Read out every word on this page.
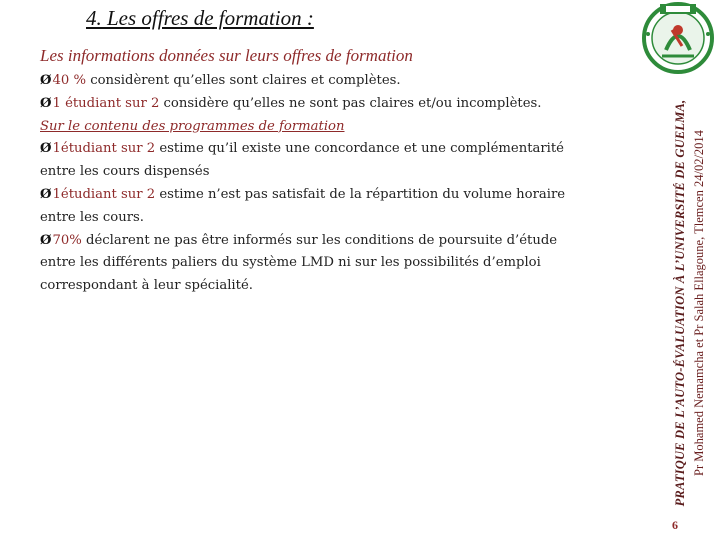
4. Les offres de formation :
Les informations données sur leurs offres de formation
Ø40 % considèrent qu’elles sont claires et complètes.
Ø1 étudiant sur 2 considère qu’elles ne sont pas claires et/ou incomplètes.
Sur le contenu des programmes de formation
Ø1étudiant sur 2 estime qu’il existe une concordance et une complémentarité
entre les cours dispensés
Ø1étudiant sur 2 estime n’est pas satisfait de la répartition du volume horaire
entre les cours.
Ø70% déclarent ne pas être informés sur les conditions de poursuite d’étude
entre les différents paliers du système LMD ni sur les possibilités d’emploi
correspondant à leur spécialité.	PRATIQUE DE L’AUTO-ÉVALUATION À L’UNIVERSITÉ DE GUELMA, Pr Mohamed Nemamcha et Pr Salah Ellagoune, Tlemcen 24/02/2014
6
